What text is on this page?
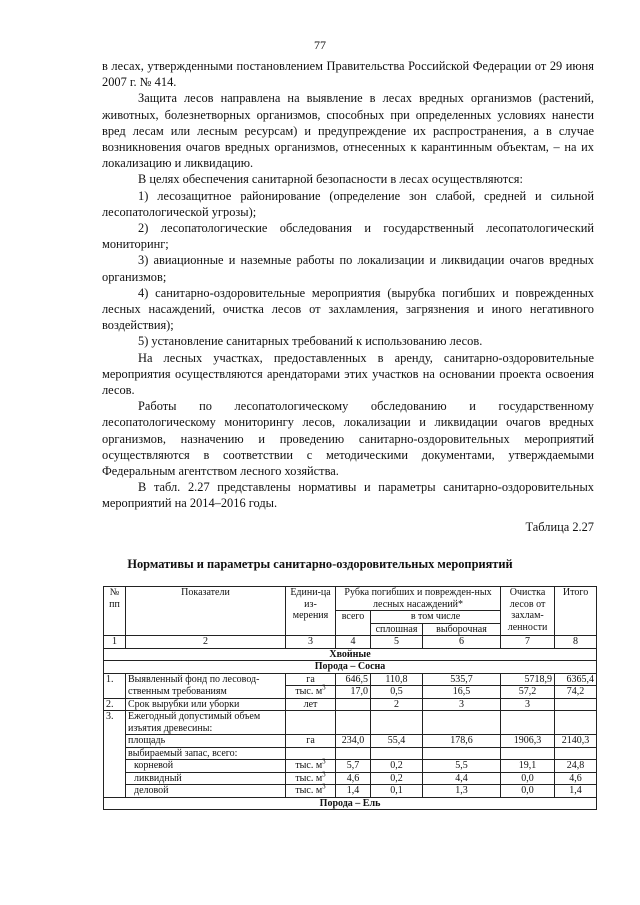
77

в лесах, утвержденными постановлением Правительства Российской Федерации от 29 июня 2007 г. № 414.

Защита лесов направлена на выявление в лесах вредных организмов (растений, животных, болезнетворных организмов, способных при определенных условиях нанести вред лесам или лесным ресурсам) и предупреждение их распространения, а в случае возникновения очагов вредных организмов, отнесенных к карантинным объектам, – на их локализацию и ликвидацию.

В целях обеспечения санитарной безопасности в лесах осуществляются:

1) лесозащитное районирование (определение зон слабой, средней и сильной лесопатологической угрозы);

2) лесопатологические обследования и государственный лесопатологический мониторинг;

3) авиационные и наземные работы по локализации и ликвидации очагов вредных организмов;

4) санитарно-оздоровительные мероприятия (вырубка погибших и поврежденных лесных насаждений, очистка лесов от захламления, загрязнения и иного негативного воздействия);

5) установление санитарных требований к использованию лесов.

На лесных участках, предоставленных в аренду, санитарно-оздоровительные мероприятия осуществляются арендаторами этих участков на основании проекта освоения лесов.

Работы по лесопатологическому обследованию и государственному лесопатологическому мониторингу лесов, локализации и ликвидации очагов вредных организмов, назначению и проведению санитарно-оздоровительных мероприятий осуществляются в соответствии с методическими документами, утверждаемыми Федеральным агентством лесного хозяйства.

В табл. 2.27 представлены нормативы и параметры санитарно-оздоровительных мероприятий на 2014–2016 годы.

Таблица 2.27
Нормативы и параметры санитарно-оздоровительных мероприятий
№ пп	Показатели	Едини-ца из-мерения	Рубка погибших и поврежден-ных лесных насаждений*			Очистка лесов от захлам-ленности	Итого
			всего	в том числе			
				сплошная	выборочная		
1	2	3	4	5	6	7	8
Хвойные							
Порода – Сосна							
1.	Выявленный фонд по лесовод-	га	646,5	110,8	535,7	5718,9	6365,4
	ственным требованиям	тыс. $м^3$	17,0	0,5	16,5	57,2	74,2
2.	Срок вырубки или уборки	лет		2	3	3	
3.	Ежегодный допустимый объем изъятия древесины:						
	площадь	га	234,0	55,4	178,6	1906,3	2140,3
	выбираемый запас, всего:						
	корневой	тыс. $м^3$	5,7	0,2	5,5	19,1	24,8
	ликвидный	тыс. $м^3$	4,6	0,2	4,4	0,0	4,6
	деловой	тыс. $м^3$	1,4	0,1	1,3	0,0	1,4
Порода – Ель							
